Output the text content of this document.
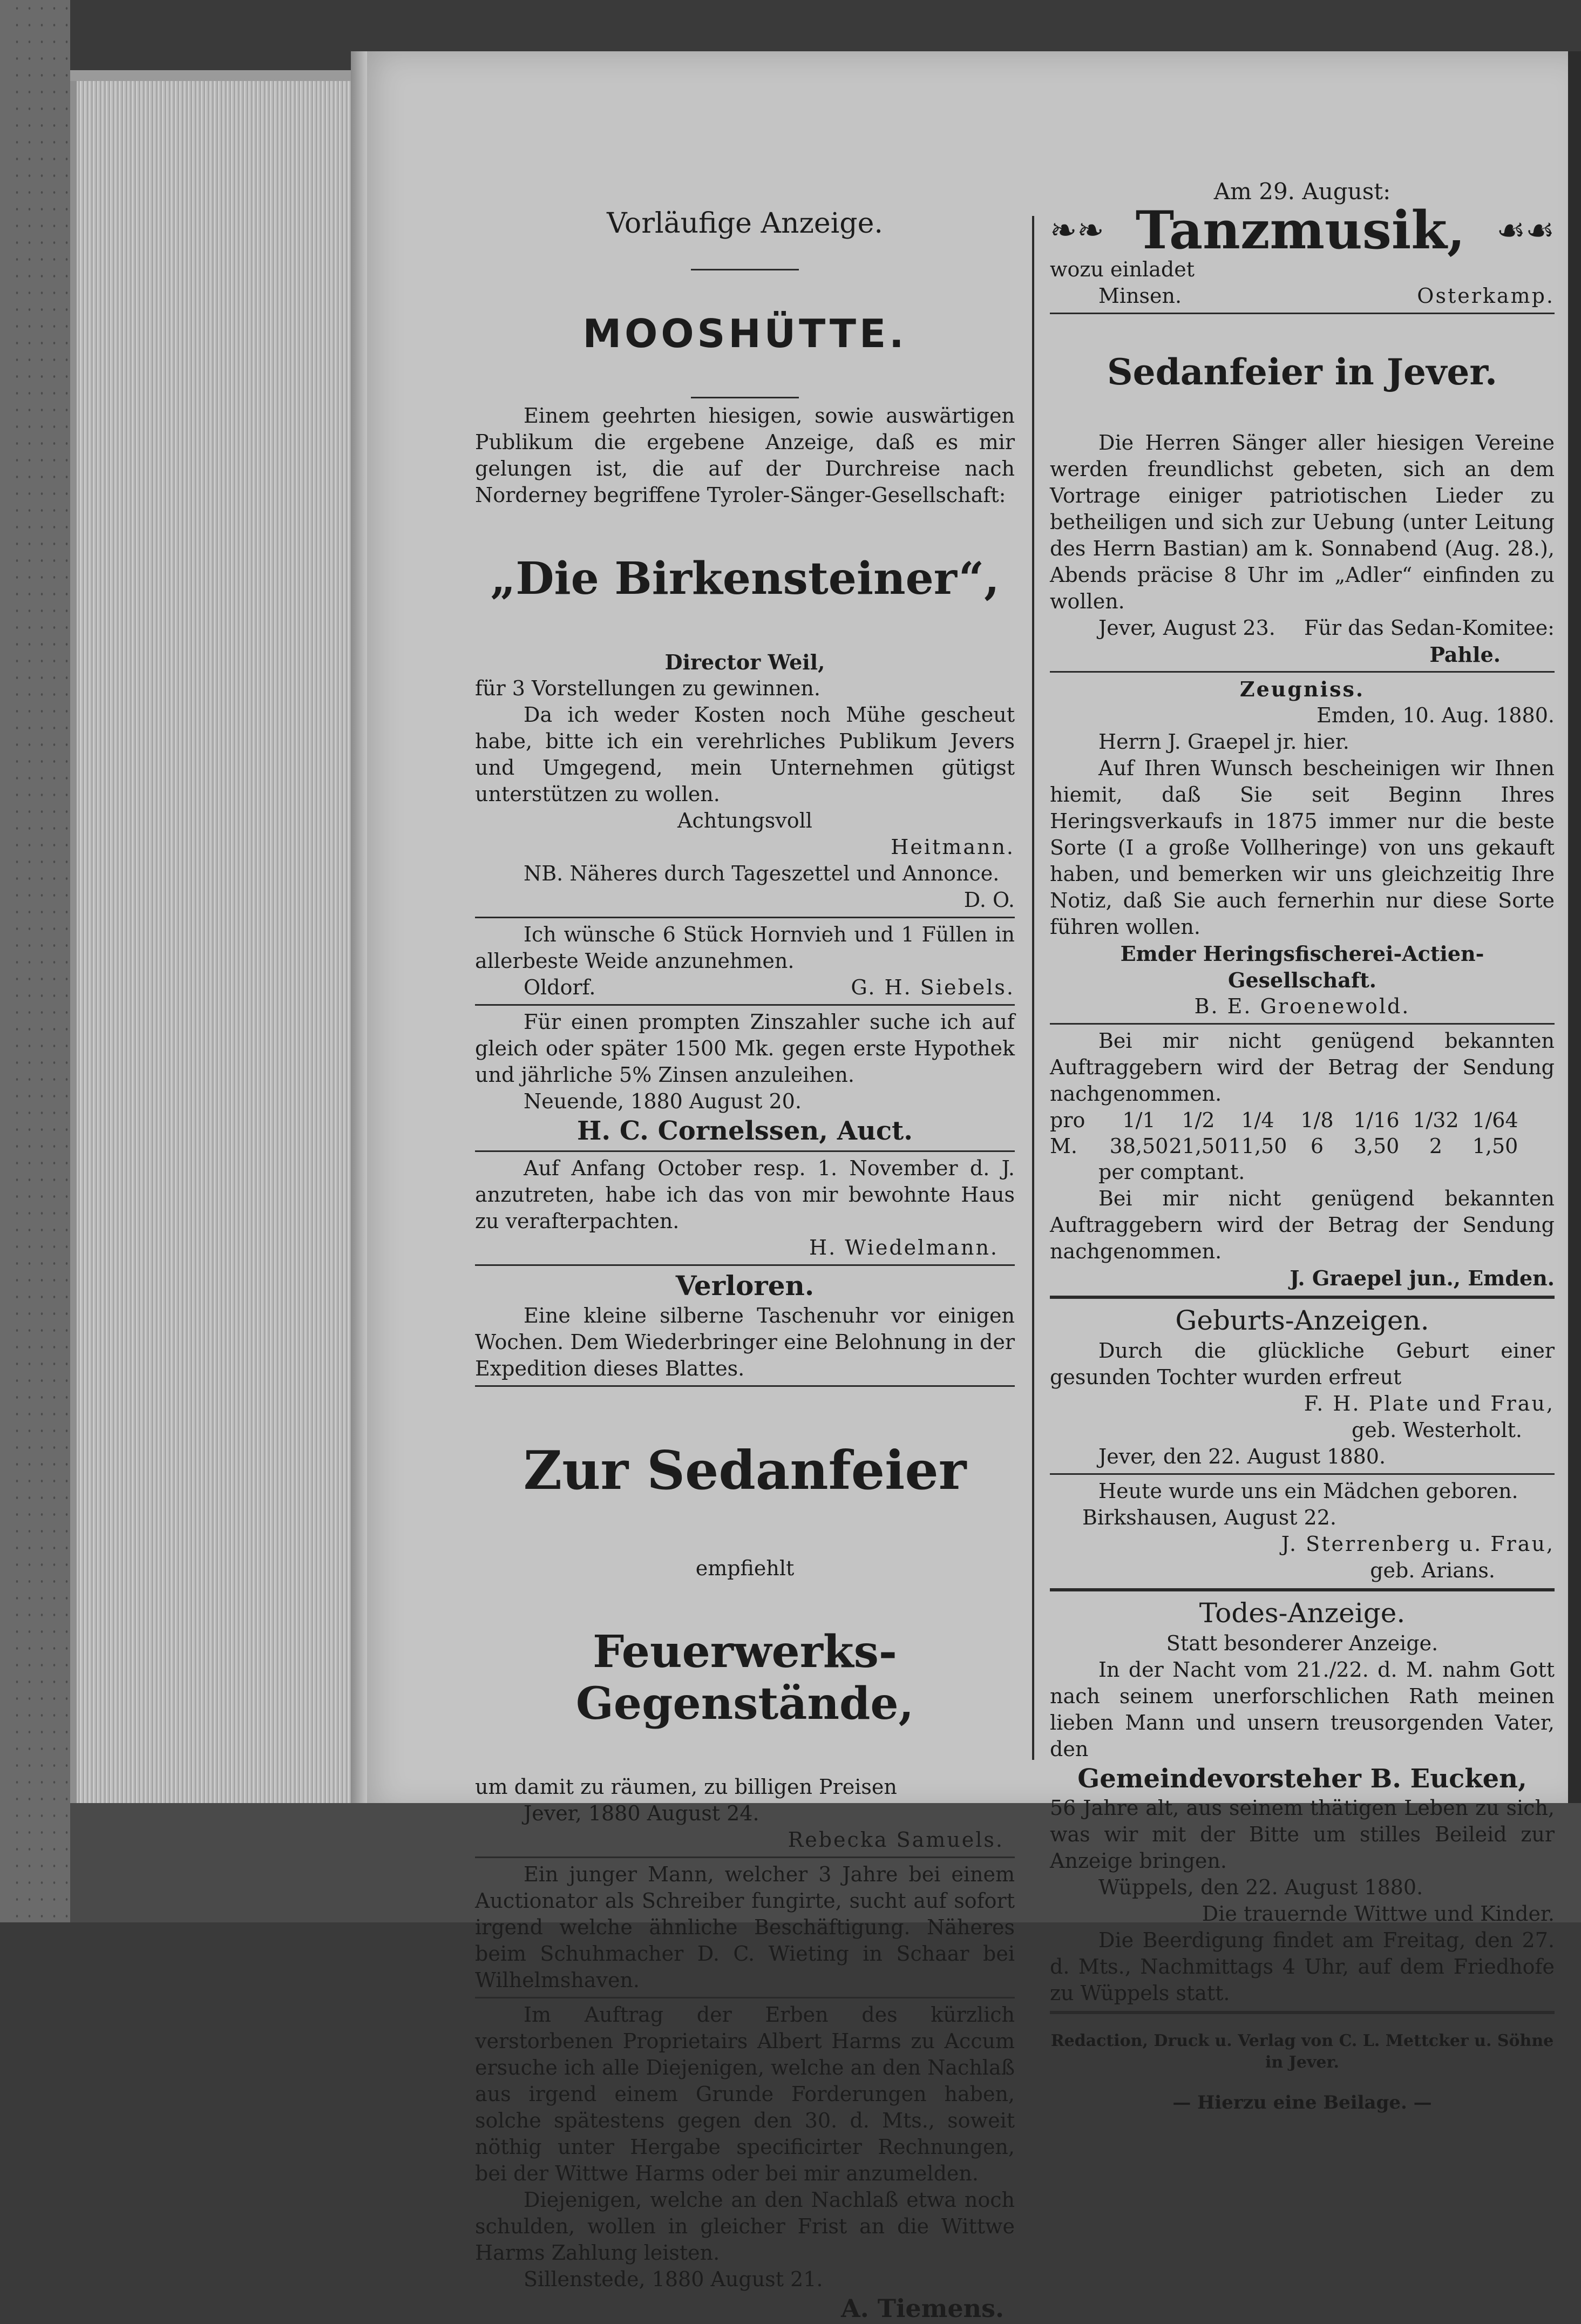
Vorläufige Anzeige.

MOOSHÜTTE.

Einem geehrten hiesigen, sowie auswärtigen Publikum die ergebene Anzeige, daß es mir gelungen ist, die auf der Durchreise nach Norderney begriffene Tyroler-Sänger-Gesellschaft:

„Die Birkensteiner“,

Director Weil,

für 3 Vorstellungen zu gewinnen.

Da ich weder Kosten noch Mühe gescheut habe, bitte ich ein verehrliches Publikum Jevers und Umgegend, mein Unternehmen gütigst unterstützen zu wollen.

Achtungsvoll

Heitmann.

NB. Näheres durch Tageszettel und Annonce.

D. O.

Ich wünsche 6 Stück Hornvieh und 1 Füllen in allerbeste Weide anzunehmen.

Oldorf.	G. H. Siebels.

Für einen prompten Zinszahler suche ich auf gleich oder später 1500 Mk. gegen erste Hypothek und jährliche 5% Zinsen anzuleihen.

Neuende, 1880 August 20.

H. C. Cornelssen, Auct.

Auf Anfang October resp. 1. November d. J. anzutreten, habe ich das von mir bewohnte Haus zu verafterpachten.

H. Wiedelmann.

Verloren.

Eine kleine silberne Taschenuhr vor einigen Wochen. Dem Wiederbringer eine Belohnung in der Expedition dieses Blattes.

Zur Sedanfeier

empfiehlt

Feuerwerks-Gegenstände,

um damit zu räumen, zu billigen Preisen

Jever, 1880 August 24.

Rebecka Samuels.

Ein junger Mann, welcher 3 Jahre bei einem Auctionator als Schreiber fungirte, sucht auf sofort irgend welche ähnliche Beschäftigung. Näheres beim Schuhmacher D. C. Wieting in Schaar bei Wilhelmshaven.

Im Auftrag der Erben des kürzlich verstorbenen Proprietairs Albert Harms zu Accum ersuche ich alle Diejenigen, welche an den Nachlaß aus irgend einem Grunde Forderungen haben, solche spätestens gegen den 30. d. Mts., soweit nöthig unter Hergabe specificirter Rechnungen, bei der Wittwe Harms oder bei mir anzumelden.

Diejenigen, welche an den Nachlaß etwa noch schulden, wollen in gleicher Frist an die Wittwe Harms Zahlung leisten.

Sillenstede, 1880 August 21.

A. Tiemens.

Am 29. August:

❧❧ Tanzmusik, ☙☙

wozu einladet

Minsen.	Osterkamp.

Sedanfeier in Jever.

Die Herren Sänger aller hiesigen Vereine werden freundlichst gebeten, sich an dem Vortrage einiger patriotischen Lieder zu betheiligen und sich zur Uebung (unter Leitung des Herrn Bastian) am k. Sonnabend (Aug. 28.), Abends präcise 8 Uhr im „Adler“ einfinden zu wollen.

Jever, August 23. Für das Sedan-Komitee:

Pahle.

Zeugniss.

Emden, 10. Aug. 1880.

Herrn J. Graepel jr. hier.

Auf Ihren Wunsch bescheinigen wir Ihnen hiemit, daß Sie seit Beginn Ihres Heringsverkaufs in 1875 immer nur die beste Sorte (I a große Vollheringe) von uns gekauft haben, und bemerken wir uns gleichzeitig Ihre Notiz, daß Sie auch fernerhin nur diese Sorte führen wollen.

Emder Heringsfischerei-Actien-Gesellschaft.

B. E. Groenewold.

Bei mir nicht genügend bekannten Auftraggebern wird der Betrag der Sendung nachgenommen.

pro	1/1	1/2	1/4	1/8 1/16 1/32 1/64
M.	38,50 21,50 11,50	6	3,50	2	1,50

per comptant.

Bei mir nicht genügend bekannten Auftraggebern wird der Betrag der Sendung nachgenommen.

J. Graepel jun., Emden.

Geburts-Anzeigen.

Durch die glückliche Geburt einer gesunden Tochter wurden erfreut

F. H. Plate und Frau,

geb. Westerholt.

Jever, den 22. August 1880.

Heute wurde uns ein Mädchen geboren.

Birkshausen, August 22.

J. Sterrenberg u. Frau,

geb. Arians.

Todes-Anzeige.

Statt besonderer Anzeige.

In der Nacht vom 21./22. d. M. nahm Gott nach seinem unerforschlichen Rath meinen lieben Mann und unsern treusorgenden Vater, den

Gemeindevorsteher B. Eucken,

56 Jahre alt, aus seinem thätigen Leben zu sich, was wir mit der Bitte um stilles Beileid zur Anzeige bringen.

Wüppels, den 22. August 1880.

Die trauernde Wittwe und Kinder.

Die Beerdigung findet am Freitag, den 27. d. Mts., Nachmittags 4 Uhr, auf dem Friedhofe zu Wüppels statt.

Redaction, Druck u. Verlag von C. L. Mettcker u. Söhne in Jever.

— Hierzu eine Beilage. —
